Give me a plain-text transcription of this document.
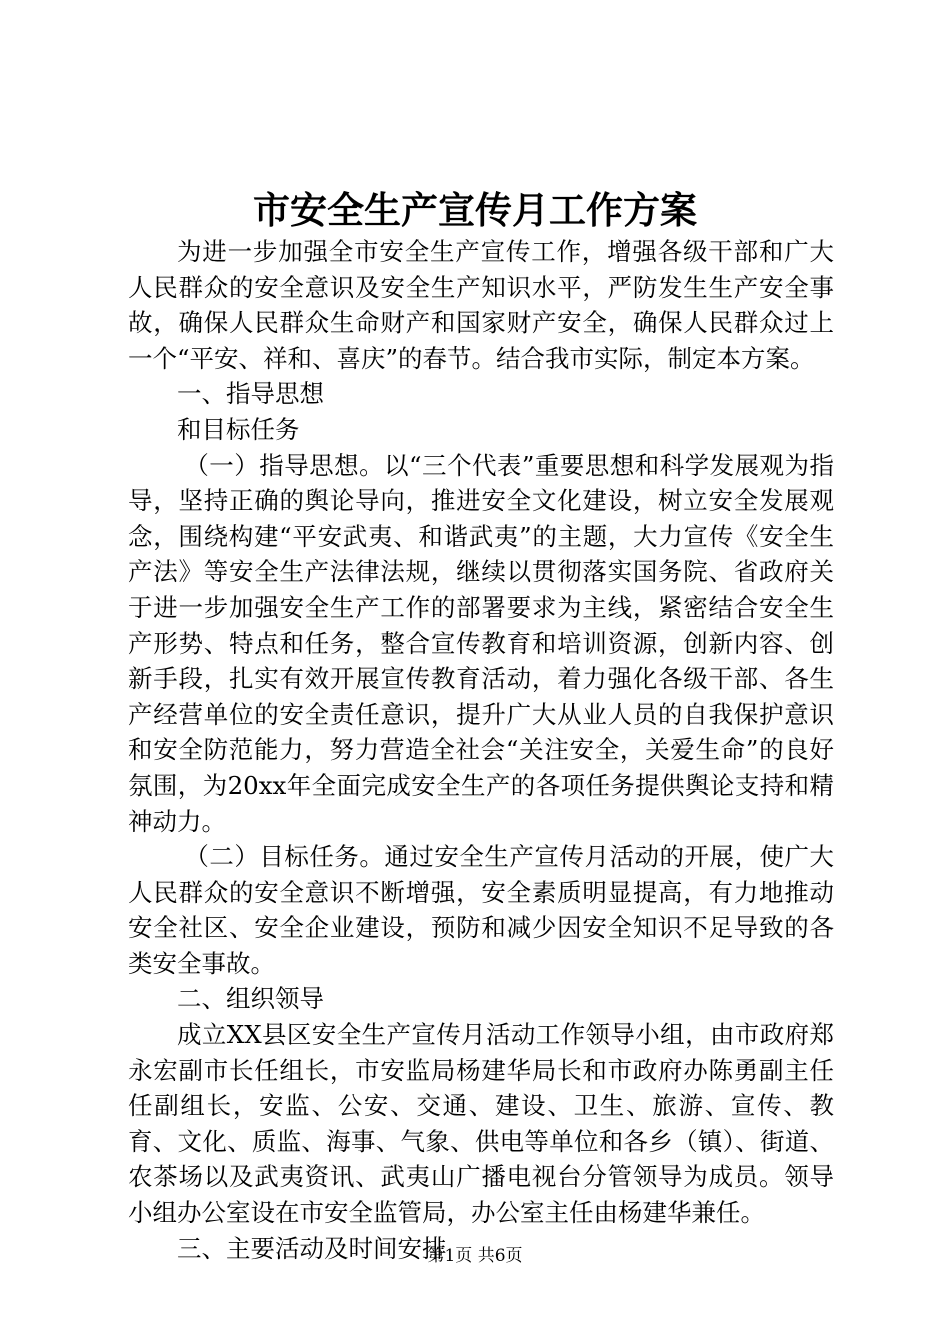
市安全生产宣传月工作方案

为进一步加强全市安全生产宣传工作，增强各级干部和广大人民群众的安全意识及安全生产知识水平，严防发生生产安全事故，确保人民群众生命财产和国家财产安全，确保人民群众过上一个“平安、祥和、喜庆”的春节。结合我市实际，制定本方案。

一、指导思想

和目标任务

（一）指导思想。以“三个代表”重要思想和科学发展观为指导，坚持正确的舆论导向，推进安全文化建设，树立安全发展观念，围绕构建“平安武夷、和谐武夷”的主题，大力宣传《安全生产法》等安全生产法律法规，继续以贯彻落实国务院、省政府关于进一步加强安全生产工作的部署要求为主线，紧密结合安全生产形势、特点和任务，整合宣传教育和培训资源，创新内容、创新手段，扎实有效开展宣传教育活动，着力强化各级干部、各生产经营单位的安全责任意识，提升广大从业人员的自我保护意识和安全防范能力，努力营造全社会“关注安全，关爱生命”的良好氛围，为20xx年全面完成安全生产的各项任务提供舆论支持和精神动力。

（二）目标任务。通过安全生产宣传月活动的开展，使广大人民群众的安全意识不断增强，安全素质明显提高，有力地推动安全社区、安全企业建设，预防和减少因安全知识不足导致的各类安全事故。

二、组织领导

成立XX县区安全生产宣传月活动工作领导小组，由市政府郑永宏副市长任组长，市安监局杨建华局长和市政府办陈勇副主任任副组长，安监、公安、交通、建设、卫生、旅游、宣传、教育、文化、质监、海事、气象、供电等单位和各乡（镇）、街道、农茶场以及武夷资讯、武夷山广播电视台分管领导为成员。领导小组办公室设在市安全监管局，办公室主任由杨建华兼任。

三、主要活动及时间安排

第1页 共6页
